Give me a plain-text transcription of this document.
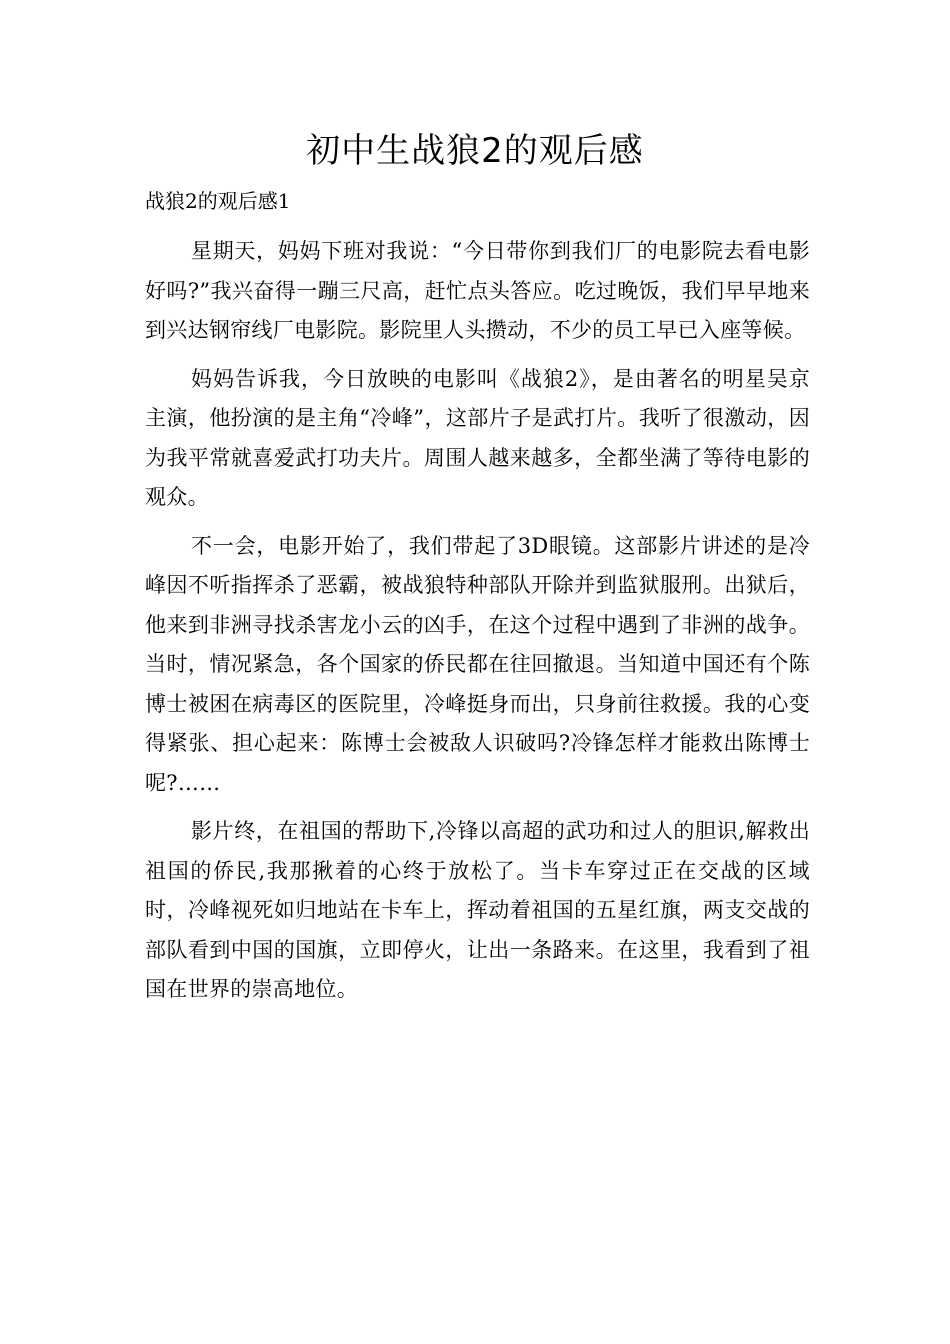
初中生战狼2的观后感

战狼2的观后感1

星期天，妈妈下班对我说：“今日带你到我们厂的电影院去看电影好吗?”我兴奋得一蹦三尺高，赶忙点头答应。吃过晚饭，我们早早地来到兴达钢帘线厂电影院。影院里人头攒动，不少的员工早已入座等候。

妈妈告诉我，今日放映的电影叫《战狼2》，是由著名的明星吴京主演，他扮演的是主角“冷峰”，这部片子是武打片。我听了很激动，因为我平常就喜爱武打功夫片。周围人越来越多，全都坐满了等待电影的观众。

不一会，电影开始了，我们带起了3D眼镜。这部影片讲述的是冷峰因不听指挥杀了恶霸，被战狼特种部队开除并到监狱服刑。出狱后，他来到非洲寻找杀害龙小云的凶手，在这个过程中遇到了非洲的战争。当时，情况紧急，各个国家的侨民都在往回撤退。当知道中国还有个陈博士被困在病毒区的医院里，冷峰挺身而出，只身前往救援。我的心变得紧张、担心起来：陈博士会被敌人识破吗?冷锋怎样才能救出陈博士呢?……

影片终，在祖国的帮助下,冷锋以高超的武功和过人的胆识,解救出祖国的侨民,我那揪着的心终于放松了。当卡车穿过正在交战的区域时，冷峰视死如归地站在卡车上，挥动着祖国的五星红旗，两支交战的部队看到中国的国旗，立即停火，让出一条路来。在这里，我看到了祖国在世界的崇高地位。
